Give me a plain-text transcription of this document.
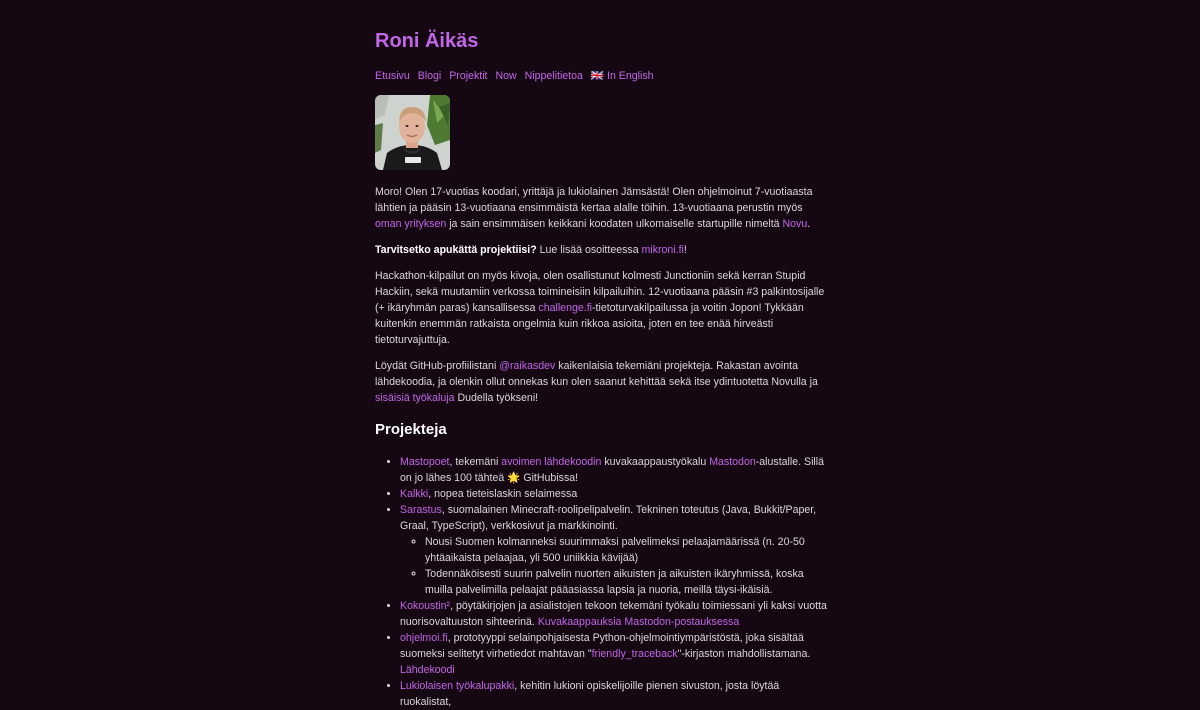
Roni Äikäs
Etusivu Blogi Projektit Now Nippelitietoa 🇬🇧 In English

Moro! Olen 17-vuotias koodari, yrittäjä ja lukiolainen Jämsästä! Olen ohjelmoinut 7-vuotiaasta lähtien ja pääsin 13-vuotiaana ensimmäistä kertaa alalle töihin. 13-vuotiaana perustin myös oman yrityksen ja sain ensimmäisen keikkani koodaten ulkomaiselle startupille nimeltä Novu.

Tarvitsetko apukättä projektiisi? Lue lisää osoitteessa mikroni.fi!

Hackathon-kilpailut on myös kivoja, olen osallistunut kolmesti Junctioniin sekä kerran Stupid Hackiin, sekä muutamiin verkossa toimineisiin kilpailuihin. 12-vuotiaana pääsin #3 palkintosijalle (+ ikäryhmän paras) kansallisessa challenge.fi-tietoturvakilpailussa ja voitin Jopon! Tykkään kuitenkin enemmän ratkaista ongelmia kuin rikkoa asioita, joten en tee enää hirveästi tietoturvajuttuja.

Löydät GitHub-profiilistani @raikasdev kaikenlaisia tekemiäni projekteja. Rakastan avointa lähdekoodia, ja olenkin ollut onnekas kun olen saanut kehittää sekä itse ydintuotetta Novulla ja sisäisiä työkaluja Dudella työkseni!

Projekteja
• Mastopoet, tekemäni avoimen lähdekoodin kuvakaappaustyökalu Mastodon-alustalle. Sillä on jo lähes 100 tähteä 🌟 GitHubissa!
• Kalkki, nopea tieteislaskin selaimessa
• Sarastus, suomalainen Minecraft-roolipelipalvelin. Tekninen toteutus (Java, Bukkit/Paper, Graal, TypeScript), verkkosivut ja markkinointi.
◦ Nousi Suomen kolmanneksi suurimmaksi palvelimeksi pelaajamäärissä (n. 20-50 yhtäaikaista pelaajaa, yli 500 uniikkia kävijää)
◦ Todennäköisesti suurin palvelin nuorten aikuisten ja aikuisten ikäryhmissä, koska muilla palvelimilla pelaajat pääasiassa lapsia ja nuoria, meillä täysi-ikäisiä.
• Kokoustin², pöytäkirjojen ja asialistojen tekoon tekemäni työkalu toimiessani yli kaksi vuotta nuorisovaltuuston sihteerinä. Kuvakaappauksia Mastodon-postauksessa
• ohjelmoi.fi, prototyyppi selainpohjaisesta Python-ohjelmointiympäristöstä, joka sisältää suomeksi selitetyt virhetiedot mahtavan "friendly_traceback"-kirjaston mahdollistamana. Lähdekoodi
• Lukiolaisen työkalupakki, kehitin lukioni opiskelijoille pienen sivuston, josta löytää ruokalistat,
